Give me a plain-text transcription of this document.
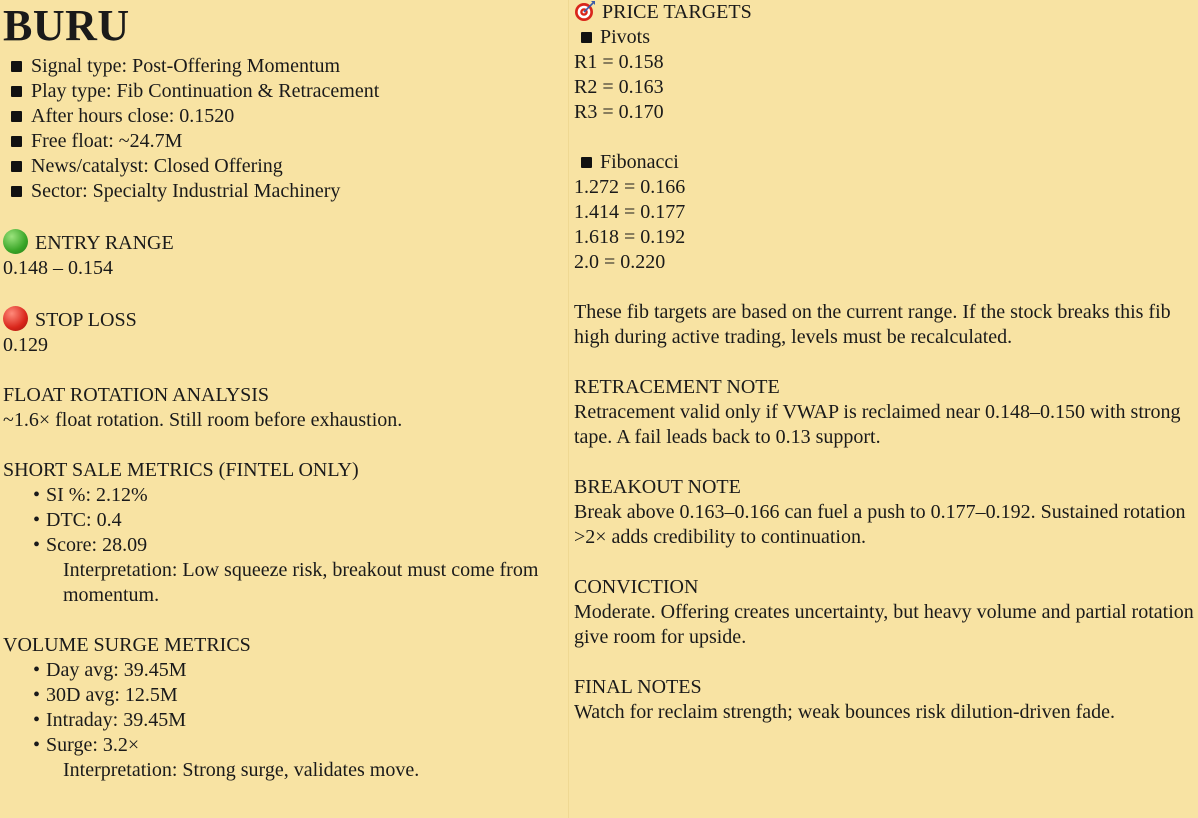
BURU
Signal type: Post-Offering Momentum
Play type: Fib Continuation & Retracement
After hours close: 0.1520
Free float: ~24.7M
News/catalyst: Closed Offering
Sector: Specialty Industrial Machinery
ENTRY RANGE
0.148 – 0.154
STOP LOSS
0.129
FLOAT ROTATION ANALYSIS
~1.6× float rotation. Still room before exhaustion.
SHORT SALE METRICS (FINTEL ONLY)
• SI %: 2.12%
• DTC: 0.4
• Score: 28.09
Interpretation: Low squeeze risk, breakout must come from momentum.
VOLUME SURGE METRICS
• Day avg: 39.45M
• 30D avg: 12.5M
• Intraday: 39.45M
• Surge: 3.2×
Interpretation: Strong surge, validates move.
PRICE TARGETS
Pivots
R1 = 0.158
R2 = 0.163
R3 = 0.170
Fibonacci
1.272 = 0.166
1.414 = 0.177
1.618 = 0.192
2.0 = 0.220
These fib targets are based on the current range. If the stock breaks this fib high during active trading, levels must be recalculated.
RETRACEMENT NOTE
Retracement valid only if VWAP is reclaimed near 0.148–0.150 with strong tape. A fail leads back to 0.13 support.
BREAKOUT NOTE
Break above 0.163–0.166 can fuel a push to 0.177–0.192. Sustained rotation >2× adds credibility to continuation.
CONVICTION
Moderate. Offering creates uncertainty, but heavy volume and partial rotation give room for upside.
FINAL NOTES
Watch for reclaim strength; weak bounces risk dilution-driven fade.
